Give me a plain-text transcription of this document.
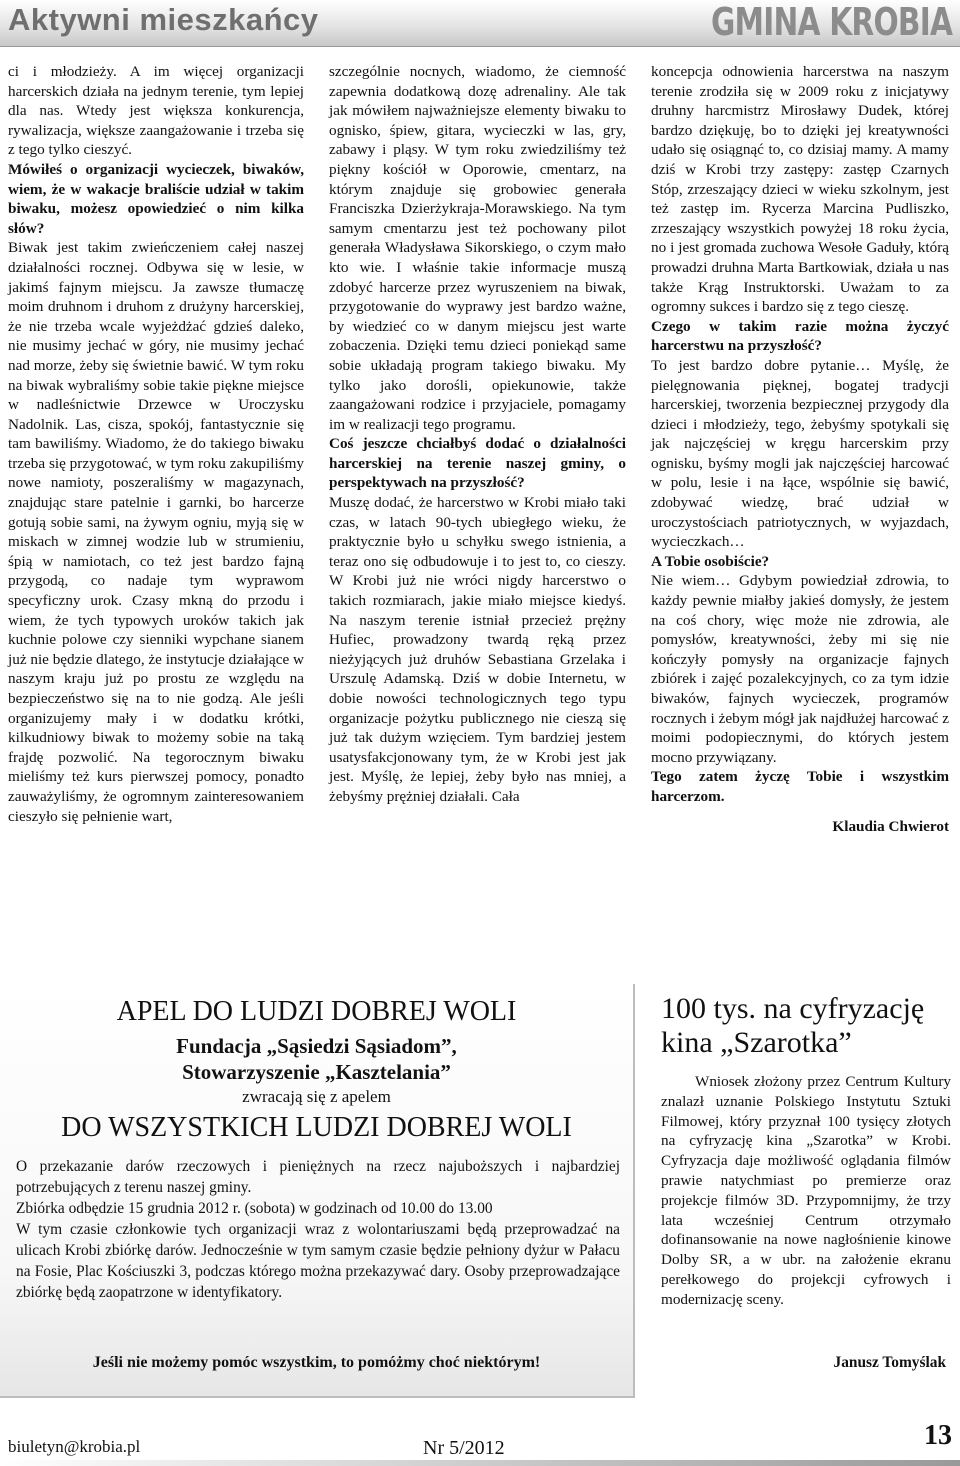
Aktywni mieszkańcy	GMINA KROBIA

ci i młodzieży. A im więcej organizacji harcerskich działa na jednym terenie, tym lepiej dla nas. Wtedy jest większa konkurencja, rywalizacja, większe zaangażowanie i trzeba się z tego tylko cieszyć.

Mówiłeś o organizacji wycieczek, biwaków, wiem, że w wakacje braliście udział w takim biwaku, możesz opowiedzieć o nim kilka słów?

Biwak jest takim zwieńczeniem całej naszej działalności rocznej. Odbywa się w lesie, w jakimś fajnym miejscu. Ja zawsze tłumaczę moim druhnom i druhom z drużyny harcerskiej, że nie trzeba wcale wyjeżdżać gdzieś daleko, nie musimy jechać w góry, nie musimy jechać nad morze, żeby się świetnie bawić. W tym roku na biwak wybraliśmy sobie takie piękne miejsce w nadleśnictwie Drzewce w Uroczysku Nadolnik. Las, cisza, spokój, fantastycznie się tam bawiliśmy. Wiadomo, że do takiego biwaku trzeba się przygotować, w tym roku zakupiliśmy nowe namioty, poszeraliśmy w magazynach, znajdując stare patelnie i garnki, bo harcerze gotują sobie sami, na żywym ogniu, myją się w miskach w zimnej wodzie lub w strumieniu, śpią w namiotach, co też jest bardzo fajną przygodą, co nadaje tym wyprawom specyficzny urok. Czasy mkną do przodu i wiem, że tych typowych uroków takich jak kuchnie polowe czy sienniki wypchane sianem już nie będzie dlatego, że instytucje działające w naszym kraju już po prostu ze względu na bezpieczeństwo się na to nie godzą. Ale jeśli organizujemy mały i w dodatku krótki, kilkudniowy biwak to możemy sobie na taką frajdę pozwolić. Na tegorocznym biwaku mieliśmy też kurs pierwszej pomocy, ponadto zauważyliśmy, że ogromnym zainteresowaniem cieszyło się pełnienie wart,

szczególnie nocnych, wiadomo, że ciemność zapewnia dodatkową dozę adrenaliny. Ale tak jak mówiłem najważniejsze elementy biwaku to ognisko, śpiew, gitara, wycieczki w las, gry, zabawy i pląsy. W tym roku zwiedziliśmy też piękny kościół w Oporowie, cmentarz, na którym znajduje się grobowiec generała Franciszka Dzierżykraja-Morawskiego. Na tym samym cmentarzu jest też pochowany pilot generała Władysława Sikorskiego, o czym mało kto wie. I właśnie takie informacje muszą zdobyć harcerze przez wyruszeniem na biwak, przygotowanie do wyprawy jest bardzo ważne, by wiedzieć co w danym miejscu jest warte zobaczenia. Dzięki temu dzieci poniekąd same sobie układają program takiego biwaku. My tylko jako dorośli, opiekunowie, także zaangażowani rodzice i przyjaciele, pomagamy im w realizacji tego programu.

Coś jeszcze chciałbyś dodać o działalności harcerskiej na terenie naszej gminy, o perspektywach na przyszłość?

Muszę dodać, że harcerstwo w Krobi miało taki czas, w latach 90-tych ubiegłego wieku, że praktycznie było u schyłku swego istnienia, a teraz ono się odbudowuje i to jest to, co cieszy. W Krobi już nie wróci nigdy harcerstwo o takich rozmiarach, jakie miało miejsce kiedyś. Na naszym terenie istniał przecież prężny Hufiec, prowadzony twardą ręką przez nieżyjących już druhów Sebastiana Grzelaka i Urszulę Adamską. Dziś w dobie Internetu, w dobie nowości technologicznych tego typu organizacje pożytku publicznego nie cieszą się już tak dużym wzięciem. Tym bardziej jestem usatysfakcjonowany tym, że w Krobi jest jak jest. Myślę, że lepiej, żeby było nas mniej, a żebyśmy prężniej działali. Cała

koncepcja odnowienia harcerstwa na naszym terenie zrodziła się w 2009 roku z inicjatywy druhny harcmistrz Mirosławy Dudek, której bardzo dziękuję, bo to dzięki jej kreatywności udało się osiągnąć to, co dzisiaj mamy. A mamy dziś w Krobi trzy zastępy: zastęp Czarnych Stóp, zrzeszający dzieci w wieku szkolnym, jest też zastęp im. Rycerza Marcina Pudliszko, zrzeszający wszystkich powyżej 18 roku życia, no i jest gromada zuchowa Wesołe Gaduły, którą prowadzi druhna Marta Bartkowiak, działa u nas także Krąg Instruktorski. Uważam to za ogromny sukces i bardzo się z tego cieszę.

Czego w takim razie można życzyć harcerstwu na przyszłość?

To jest bardzo dobre pytanie… Myślę, że pielęgnowania pięknej, bogatej tradycji harcerskiej, tworzenia bezpiecznej przygody dla dzieci i młodzieży, tego, żebyśmy spotykali się jak najczęściej w kręgu harcerskim przy ognisku, byśmy mogli jak najczęściej harcować w polu, lesie i na łące, wspólnie się bawić, zdobywać wiedzę, brać udział w uroczystościach patriotycznych, w wyjazdach, wycieczkach…

A Tobie osobiście?

Nie wiem… Gdybym powiedział zdrowia, to każdy pewnie miałby jakieś domysły, że jestem na coś chory, więc może nie zdrowia, ale pomysłów, kreatywności, żeby mi się nie kończyły pomysły na organizacje fajnych zbiórek i zajęć pozalekcyjnych, co za tym idzie biwaków, fajnych wycieczek, programów rocznych i żebym mógł jak najdłużej harcować z moimi podopiecznymi, do których jestem mocno przywiązany.

Tego zatem życzę Tobie i wszystkim harcerzom.

Klaudia Chwierot

APEL DO LUDZI DOBREJ WOLI

Fundacja „Sąsiedzi Sąsiadom”,

Stowarzyszenie „Kasztelania”

zwracają się z apelem

DO WSZYSTKICH LUDZI DOBREJ WOLI

O przekazanie darów rzeczowych i pieniężnych na rzecz najuboższych i najbardziej potrzebujących z terenu naszej gminy.
Zbiórka odbędzie 15 grudnia 2012 r. (sobota) w godzinach od 10.00 do 13.00
W tym czasie członkowie tych organizacji wraz z wolontariuszami będą przeprowadzać na ulicach Krobi zbiórkę darów. Jednocześnie w tym samym czasie będzie pełniony dyżur w Pałacu na Fosie, Plac Kościuszki 3, podczas którego można przekazywać dary. Osoby przeprowadzające zbiórkę będą zaopatrzone w identyfikatory.

Jeśli nie możemy pomóc wszystkim, to pomóżmy choć niektórym!

100 tys. na cyfryzację kina „Szarotka”

Wniosek złożony przez Centrum Kultury znalazł uznanie Polskiego Instytutu Sztuki Filmowej, który przyznał 100 tysięcy złotych na cyfryzację kina „Szarotka” w Krobi. Cyfryzacja daje możliwość oglądania filmów prawie natychmiast po premierze oraz projekcje filmów 3D. Przypomnijmy, że trzy lata wcześniej Centrum otrzymało dofinansowanie na nowe nagłośnienie kinowe Dolby SR, a w ubr. na założenie ekranu perełkowego do projekcji cyfrowych i modernizację sceny.

Janusz Tomyślak

biuletyn@krobia.pl	Nr 5/2012	13
